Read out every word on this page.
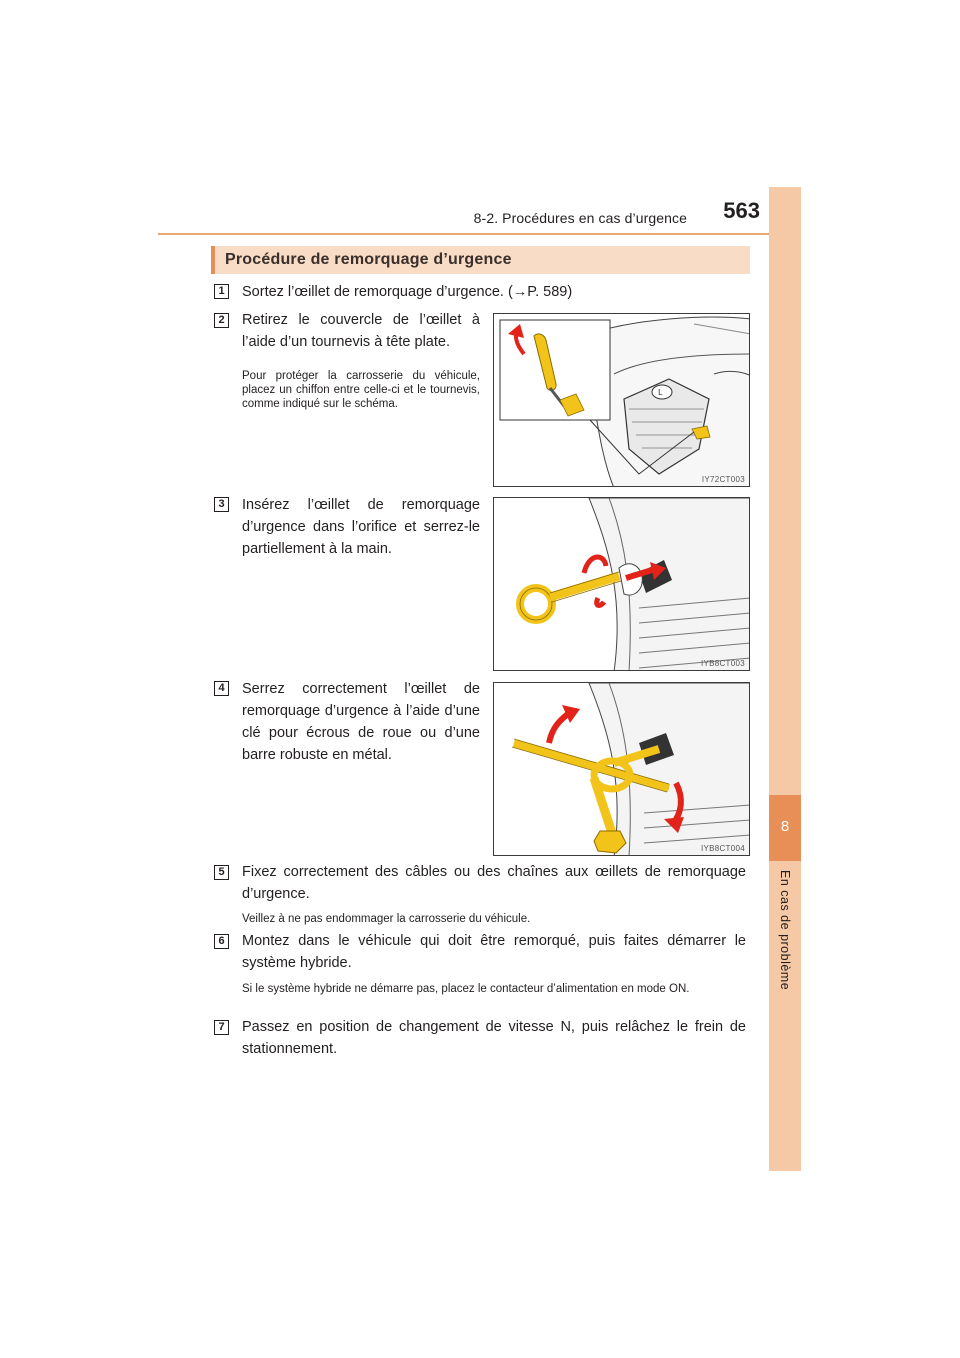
8-2. Procédures en cas d’urgence	563
8
En cas de problème
Procédure de remorquage d’urgence
1	Sortez l’œillet de remorquage d’urgence. (→P. 589)
2	Retirez le couvercle de l’œillet à l’aide d’un tournevis à tête plate.
Pour protéger la carrosserie du véhicule, placez un chiffon entre celle-ci et le tournevis, comme indiqué sur le schéma.
L
IY72CT003
3	Insérez l’œillet de remorquage d’urgence dans l’orifice et serrez-le partiellement à la main.
IYB8CT003
4	Serrez correctement l’œillet de remorquage d’urgence à l’aide d’une clé pour écrous de roue ou d’une barre robuste en métal.
IYB8CT004
5	Fixez correctement des câbles ou des chaînes aux œillets de remorquage d’urgence.
Veillez à ne pas endommager la carrosserie du véhicule.
6	Montez dans le véhicule qui doit être remorqué, puis faites démarrer le système hybride.
Si le système hybride ne démarre pas, placez le contacteur d’alimentation en mode ON.
7	Passez en position de changement de vitesse N, puis relâchez le frein de stationnement.
